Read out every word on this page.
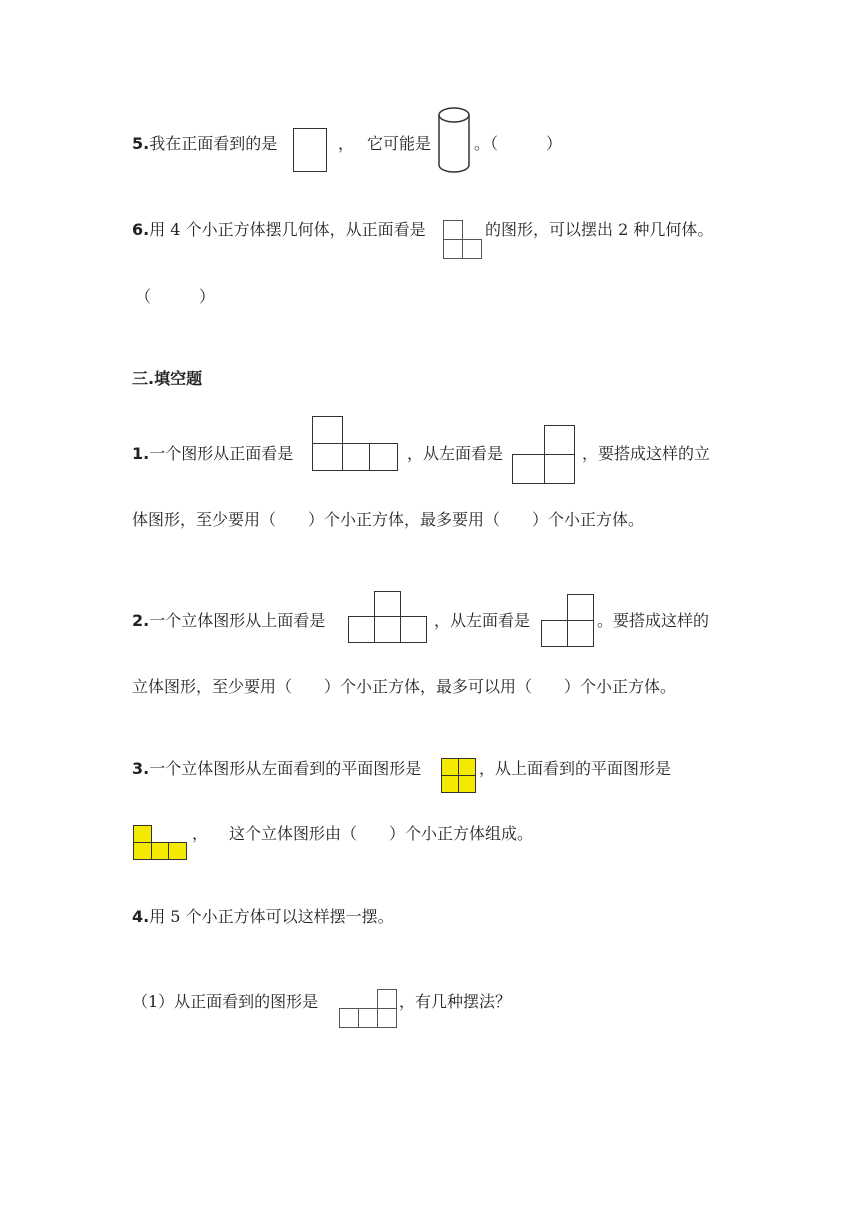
5.我在正面看到的是	， 它可能是	。（　　　）
6.用 4 个小正方体摆几何体，从正面看是	的图形，可以摆出 2 种几何体。
（　　　）
三.填空题
1.一个图形从正面看是	，从左面看是	，要搭成这样的立
体图形，至少要用（　　）个小正方体，最多要用（　　）个小正方体。
2.一个立体图形从上面看是	，从左面看是	。要搭成这样的
立体图形，至少要用（　　）个小正方体，最多可以用（　　）个小正方体。
3.一个立体图形从左面看到的平面图形是	，从上面看到的平面图形是
， 这个立体图形由（　　）个小正方体组成。
4.用 5 个小正方体可以这样摆一摆。
（1）从正面看到的图形是	，有几种摆法？
